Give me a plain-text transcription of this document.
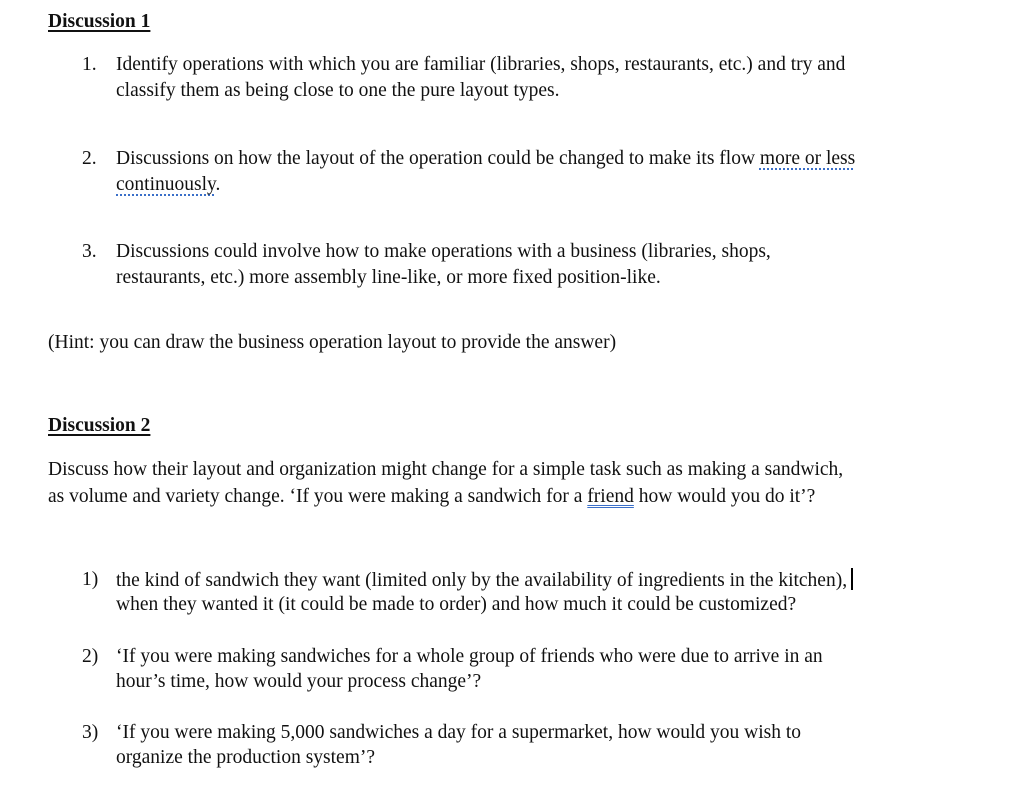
Discussion 1
1. Identify operations with which you are familiar (libraries, shops, restaurants, etc.) and try and
classify them as being close to one the pure layout types.
2. Discussions on how the layout of the operation could be changed to make its flow more or less
continuously.
3. Discussions could involve how to make operations with a business (libraries, shops,
restaurants, etc.) more assembly line-like, or more fixed position-like.
(Hint: you can draw the business operation layout to provide the answer)
Discussion 2
Discuss how their layout and organization might change for a simple task such as making a sandwich,
as volume and variety change. ‘If you were making a sandwich for a friend how would you do it’?
1) the kind of sandwich they want (limited only by the availability of ingredients in the kitchen),
when they wanted it (it could be made to order) and how much it could be customized?
2) ‘If you were making sandwiches for a whole group of friends who were due to arrive in an
hour’s time, how would your process change’?
3) ‘If you were making 5,000 sandwiches a day for a supermarket, how would you wish to
organize the production system’?
